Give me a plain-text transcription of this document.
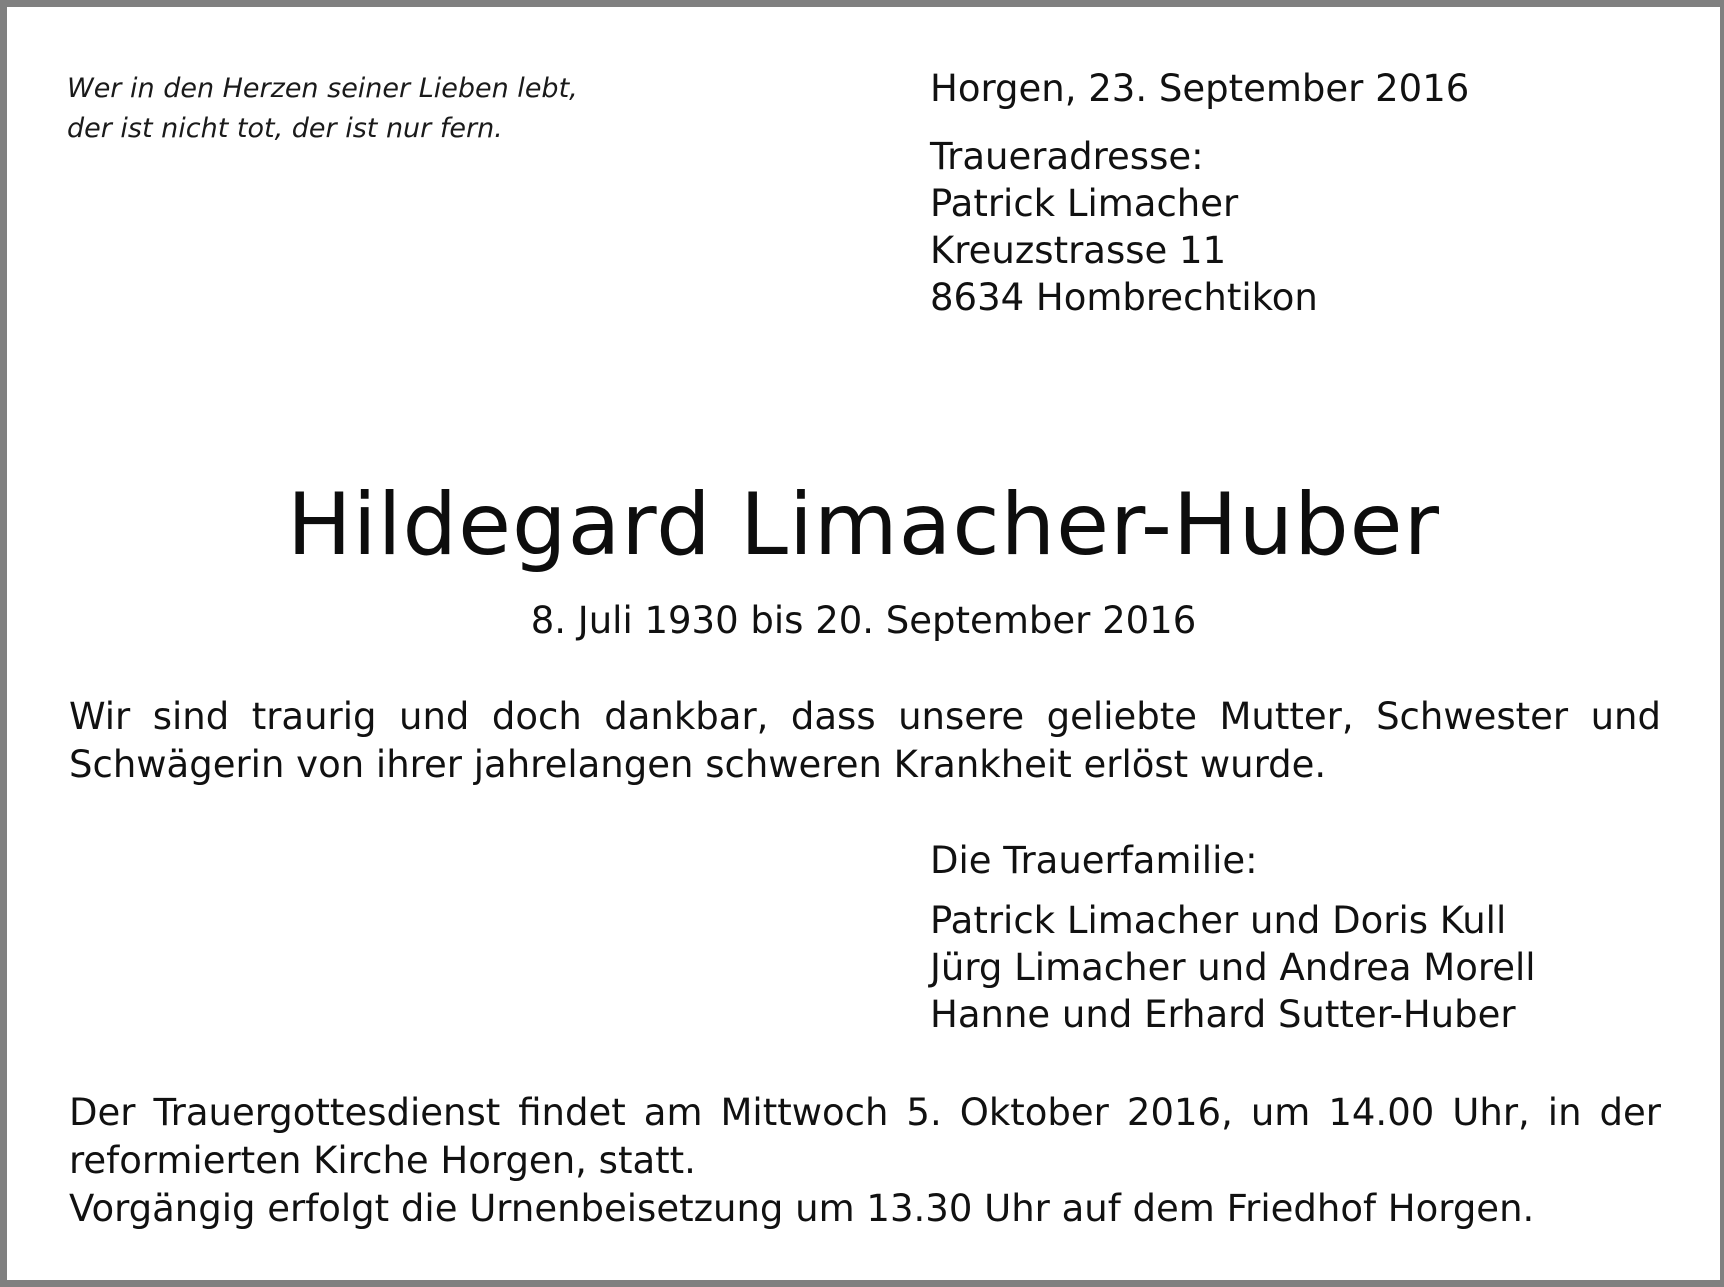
Wer in den Herzen seiner Lieben lebt,
der ist nicht tot, der ist nur fern.
Horgen, 23. September 2016
Traueradresse:
Patrick Limacher
Kreuzstrasse 11
8634 Hombrechtikon
Hildegard Limacher-Huber
8. Juli 1930 bis 20. September 2016
Wir sind traurig und doch dankbar, dass unsere geliebte Mutter, Schwester und
Schwägerin von ihrer jahrelangen schweren Krankheit erlöst wurde.
Die Trauerfamilie:
Patrick Limacher und Doris Kull
Jürg Limacher und Andrea Morell
Hanne und Erhard Sutter-Huber
Der Trauergottesdienst findet am Mittwoch 5. Oktober 2016, um 14.00 Uhr, in der
reformierten Kirche Horgen, statt.
Vorgängig erfolgt die Urnenbeisetzung um 13.30 Uhr auf dem Friedhof Horgen.
